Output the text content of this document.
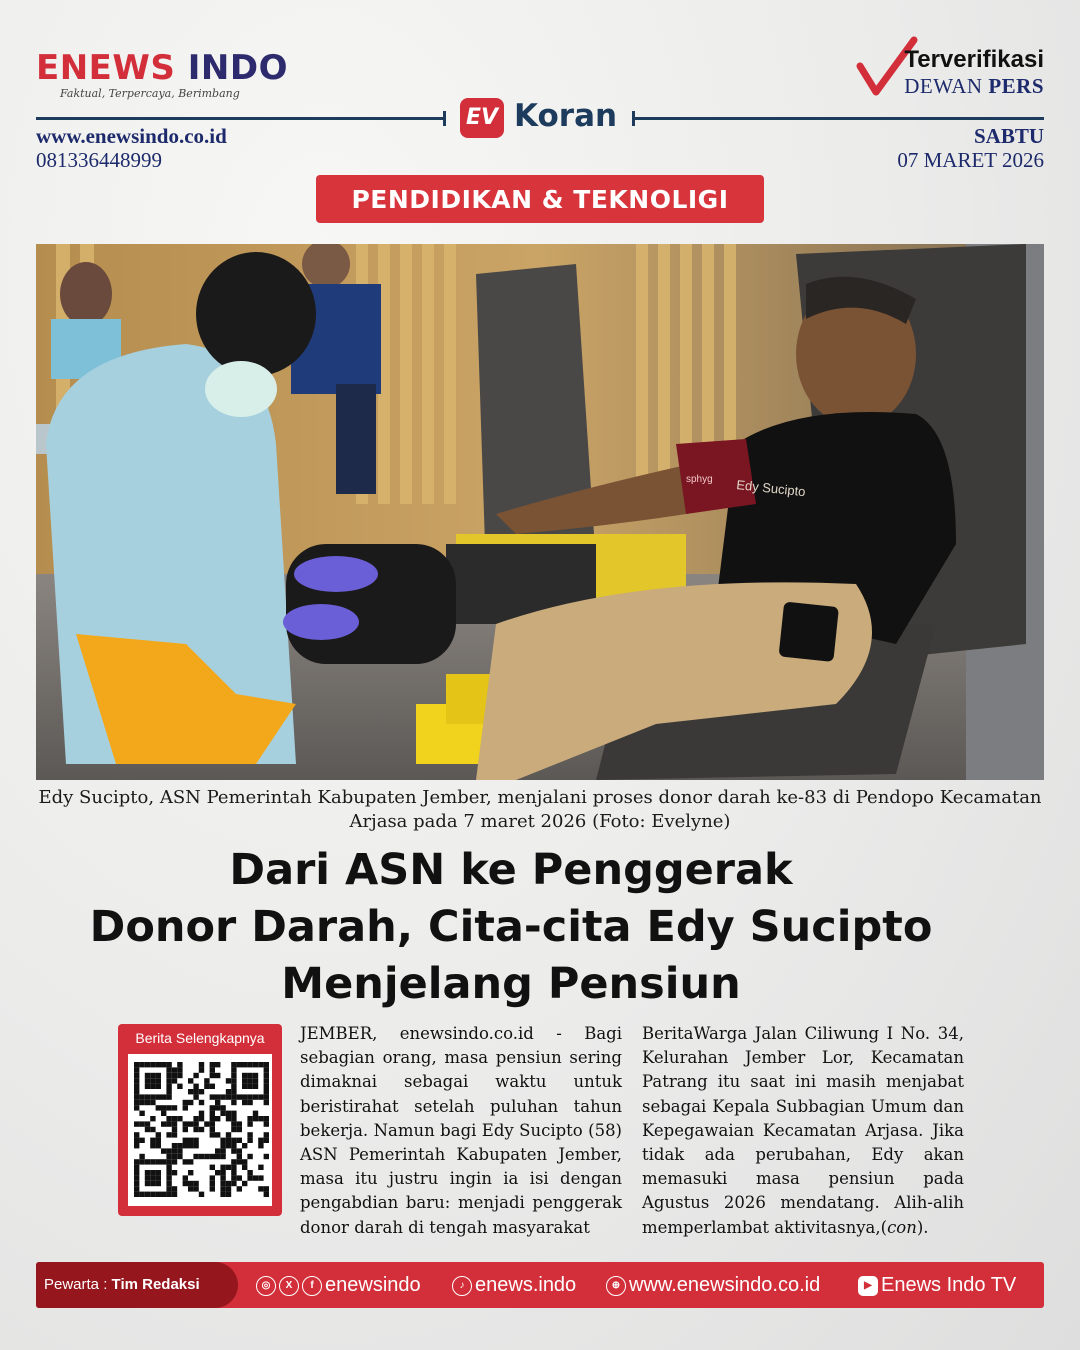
ENEWS INDO
Faktual, Terpercaya, Berimbang
Terverifikasi
DEWAN PERS
EV Koran
www.enewsindo.co.id
081336448999
SABTU
07 MARET 2026
PENDIDIKAN & TEKNOLIGI
Edy Sucipto
sphyg
Edy Sucipto, ASN Pemerintah Kabupaten Jember, menjalani proses donor darah ke-83 di Pendopo Kecamatan Arjasa pada 7 maret 2026 (Foto: Evelyne)
Dari ASN ke Penggerak
Donor Darah, Cita-cita Edy Sucipto
Menjelang Pensiun
Berita Selengkapnya	JEMBER, enewsindo.co.id - Bagi sebagian orang, masa pensiun sering dimaknai sebagai waktu untuk beristirahat setelah puluhan tahun bekerja. Namun bagi Edy Sucipto (58) ASN Pemerintah Kabupaten Jember, masa itu justru ingin ia isi dengan pengabdian baru: menjadi penggerak donor darah di tengah masyarakat
BeritaWarga Jalan Ciliwung I No. 34, Kelurahan Jember Lor, Kecamatan Patrang itu saat ini masih menjabat sebagai Kepala Subbagian Umum dan Kepegawaian Kecamatan Arjasa. Jika tidak ada perubahan, Edy akan memasuki masa pensiun pada Agustus 2026 mendatang. Alih-alih memperlambat aktivitasnya,(con).
Pewarta : Tim Redaksi	◎ X f enewsindo	♪ enews.indo	⊕ www.enewsindo.co.id	▶ Enews Indo TV
